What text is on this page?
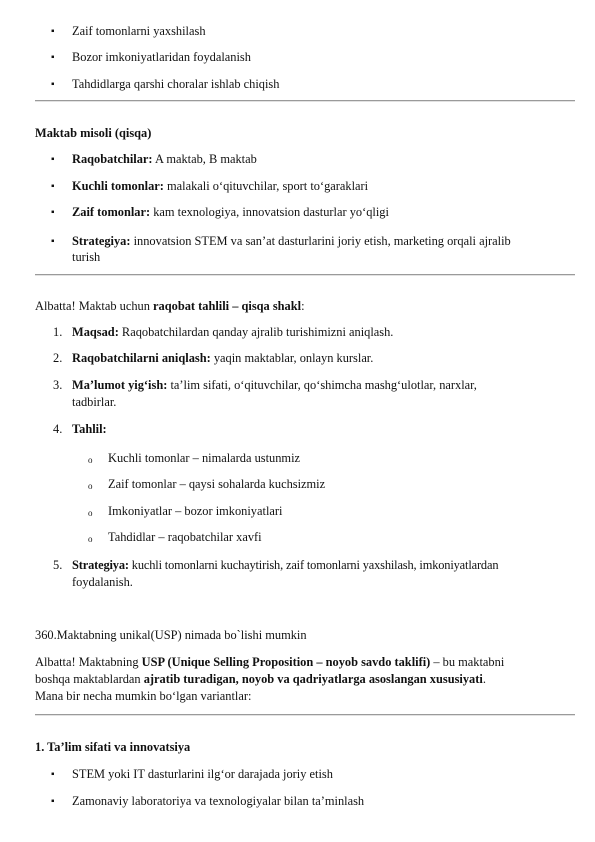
▪	Zaif tomonlarni yaxshilash
▪	Bozor imkoniyatlaridan foydalanish
▪	Tahdidlarga qarshi choralar ishlab chiqish
Maktab misoli (qisqa)
▪	Raqobatchilar: A maktab, B maktab
▪	Kuchli tomonlar: malakali o‘qituvchilar, sport to‘garaklari
▪	Zaif tomonlar: kam texnologiya, innovatsion dasturlar yo‘qligi
▪	Strategiya: innovatsion STEM va san’at dasturlarini joriy etish, marketing orqali ajralib
turish
Albatta! Maktab uchun raqobat tahlili – qisqa shakl:
1. Maqsad: Raqobatchilardan qanday ajralib turishimizni aniqlash.
2. Raqobatchilarni aniqlash: yaqin maktablar, onlayn kurslar.
3. Ma’lumot yig‘ish: ta’lim sifati, o‘qituvchilar, qo‘shimcha mashg‘ulotlar, narxlar,
tadbirlar.
4. Tahlil:
o Kuchli tomonlar – nimalarda ustunmiz
o Zaif tomonlar – qaysi sohalarda kuchsizmiz
o Imkoniyatlar – bozor imkoniyatlari
o Tahdidlar – raqobatchilar xavfi
5. Strategiya: kuchli tomonlarni kuchaytirish, zaif tomonlarni yaxshilash, imkoniyatlardan
foydalanish.
360.Maktabning unikal(USP) nimada bo`lishi mumkin
Albatta! Maktabning USP (Unique Selling Proposition – noyob savdo taklifi) – bu maktabni
boshqa maktablardan ajratib turadigan, noyob va qadriyatlarga asoslangan xususiyati.
Mana bir necha mumkin bo‘lgan variantlar:
1. Ta’lim sifati va innovatsiya
▪	STEM yoki IT dasturlarini ilg‘or darajada joriy etish
▪	Zamonaviy laboratoriya va texnologiyalar bilan ta’minlash
